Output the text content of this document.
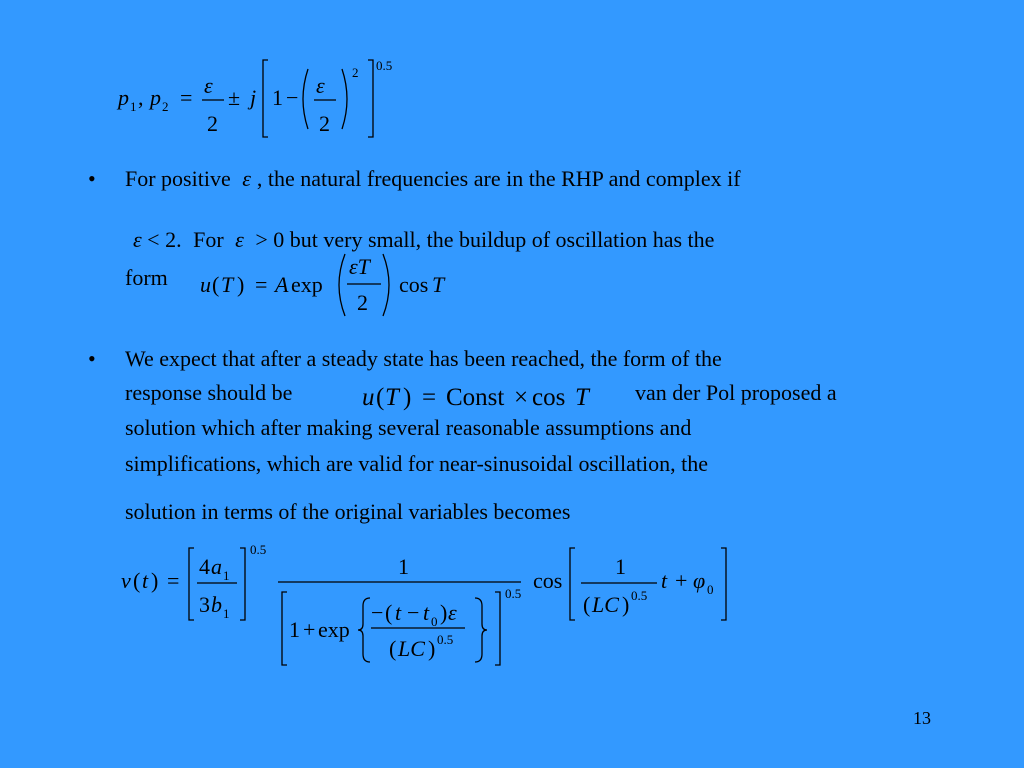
p 1 , p 2 = ε
2
± j 1 − ε
2
2 0.5
• For positive ε , the natural frequencies are in the RHP and complex if
ε < 2. For ε > 0 but very small, the buildup of oscillation has the
form u ( T ) = A exp
εT
2
cos T
• We expect that after a steady state has been reached, the form of the
response should be	u ( T ) = Const × cos T van der Pol proposed a
solution which after making several reasonable assumptions and
simplifications, which are valid for near-sinusoidal oscillation, the
solution in terms of the original variables becomes
v ( t ) =
4 a 1
3 b 1
0.5
1
1 + exp
− ( t − t 0 ) ε
( LC ) 0.5
0.5
cos
1
( LC ) 0.5
t + φ 0
13
